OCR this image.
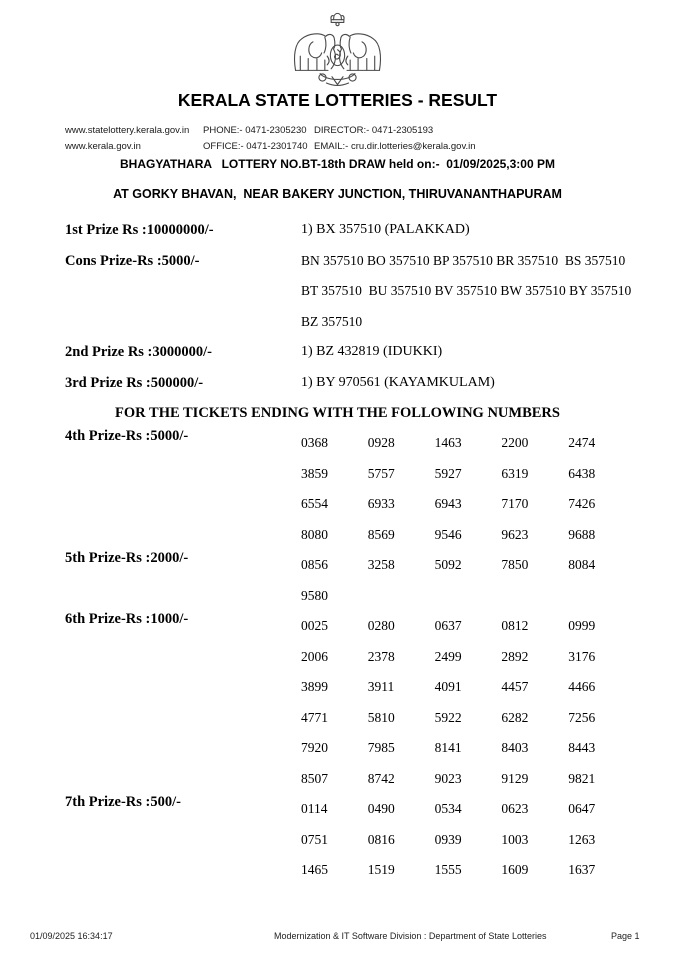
KERALA STATE LOTTERIES - RESULT
www.statelottery.kerala.gov.in
www.kerala.gov.in
PHONE:- 0471-2305230
OFFICE:- 0471-2301740
DIRECTOR:- 0471-2305193
EMAIL:- cru.dir.lotteries@kerala.gov.in
BHAGYATHARA   LOTTERY NO.BT-18th DRAW held on:-  01/09/2025,3:00 PM
AT GORKY BHAVAN,  NEAR BAKERY JUNCTION, THIRUVANANTHAPURAM
1st Prize Rs :10000000/-	1) BX 357510 (PALAKKAD)
Cons Prize-Rs :5000/-	BN 357510 BO 357510 BP 357510 BR 357510  BS 357510
BT 357510  BU 357510 BV 357510 BW 357510 BY 357510
BZ 357510
2nd Prize Rs :3000000/-	1) BZ 432819 (IDUKKI)
3rd Prize Rs :500000/-	1) BY 970561 (KAYAMKULAM)
FOR THE TICKETS ENDING WITH THE FOLLOWING NUMBERS
4th Prize-Rs :5000/-	0368	0928	1463	2200	2474
3859	5757	5927	6319	6438
6554	6933	6943	7170	7426
8080	8569	9546	9623	9688
5th Prize-Rs :2000/-	0856	3258	5092	7850	8084
9580
6th Prize-Rs :1000/-	0025	0280	0637	0812	0999
2006	2378	2499	2892	3176
3899	3911	4091	4457	4466
4771	5810	5922	6282	7256
7920	7985	8141	8403	8443
8507	8742	9023	9129	9821
7th Prize-Rs :500/-	0114	0490	0534	0623	0647
0751	0816	0939	1003	1263
1465	1519	1555	1609	1637
01/09/2025 16:34:17	Modernization & IT Software Division : Department of State Lotteries	Page 1
